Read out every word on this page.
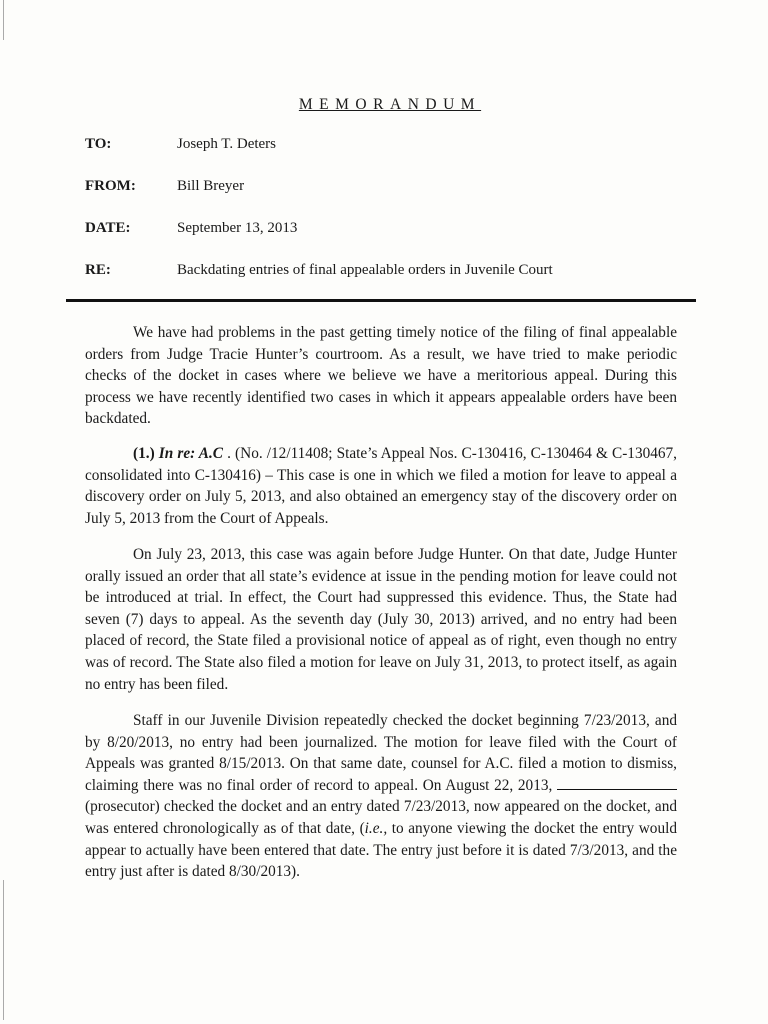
MEMORANDUM
TO:	Joseph T. Deters
FROM:	Bill Breyer
DATE:	September 13, 2013
RE:	Backdating entries of final appealable orders in Juvenile Court

We have had problems in the past getting timely notice of the filing of final appealable orders from Judge Tracie Hunter’s courtroom. As a result, we have tried to make periodic checks of the docket in cases where we believe we have a meritorious appeal. During this process we have recently identified two cases in which it appears appealable orders have been backdated.

(1.) In re: A.C . (No. /12/11408; State’s Appeal Nos. C-130416, C-130464 & C-130467, consolidated into C-130416) – This case is one in which we filed a motion for leave to appeal a discovery order on July 5, 2013, and also obtained an emergency stay of the discovery order on July 5, 2013 from the Court of Appeals.

On July 23, 2013, this case was again before Judge Hunter. On that date, Judge Hunter orally issued an order that all state’s evidence at issue in the pending motion for leave could not be introduced at trial. In effect, the Court had suppressed this evidence. Thus, the State had seven (7) days to appeal. As the seventh day (July 30, 2013) arrived, and no entry had been placed of record, the State filed a provisional notice of appeal as of right, even though no entry was of record. The State also filed a motion for leave on July 31, 2013, to protect itself, as again no entry has been filed.

Staff in our Juvenile Division repeatedly checked the docket beginning 7/23/2013, and by 8/20/2013, no entry had been journalized. The motion for leave filed with the Court of Appeals was granted 8/15/2013. On that same date, counsel for A.C. filed a motion to dismiss, claiming there was no final order of record to appeal. On August 22, 2013,  (prosecutor) checked the docket and an entry dated 7/23/2013, now appeared on the docket, and was entered chronologically as of that date, (i.e., to anyone viewing the docket the entry would appear to actually have been entered that date. The entry just before it is dated 7/3/2013, and the entry just after is dated 8/30/2013).
